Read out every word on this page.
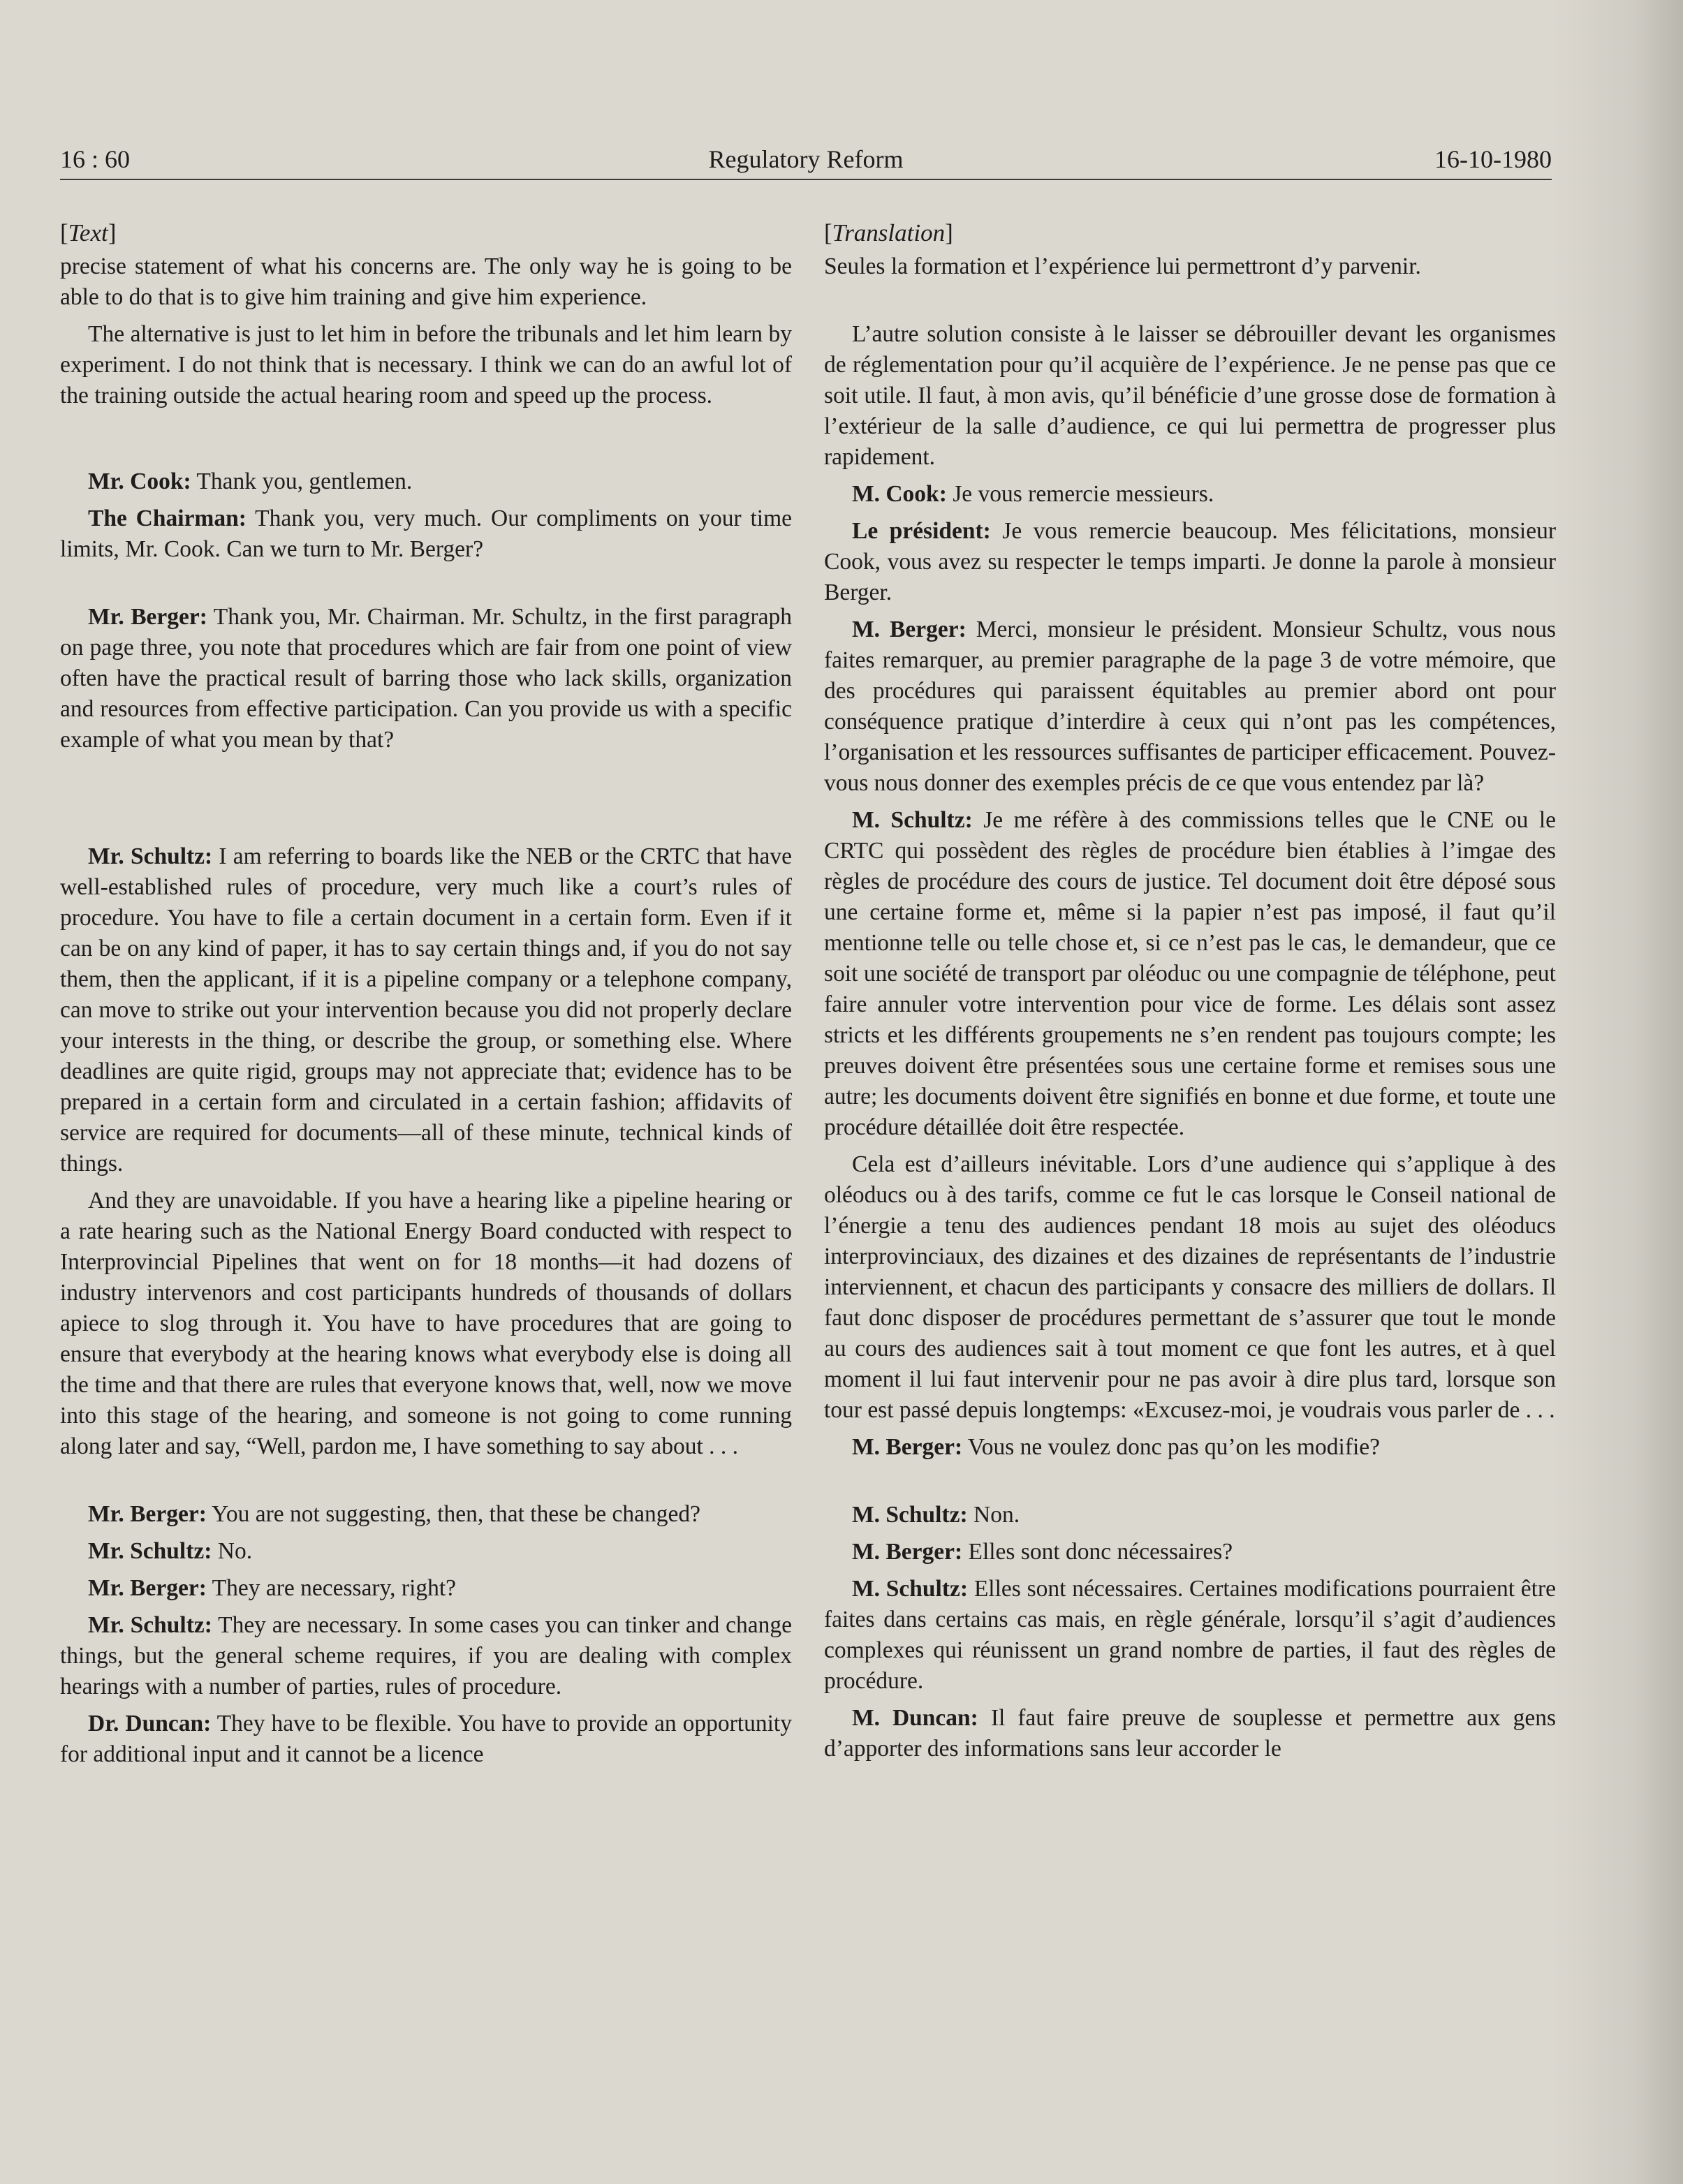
16 : 60	Regulatory Reform	16-10-1980
[Text]

precise statement of what his concerns are. The only way he is going to be able to do that is to give him training and give him experience.

The alternative is just to let him in before the tribunals and let him learn by experiment. I do not think that is necessary. I think we can do an awful lot of the training outside the actual hearing room and speed up the process.

Mr. Cook: Thank you, gentlemen.

The Chairman: Thank you, very much. Our compliments on your time limits, Mr. Cook. Can we turn to Mr. Berger?

Mr. Berger: Thank you, Mr. Chairman. Mr. Schultz, in the first paragraph on page three, you note that procedures which are fair from one point of view often have the practical result of barring those who lack skills, organization and resources from effective participation. Can you provide us with a specific example of what you mean by that?

Mr. Schultz: I am referring to boards like the NEB or the CRTC that have well-established rules of procedure, very much like a court’s rules of procedure. You have to file a certain document in a certain form. Even if it can be on any kind of paper, it has to say certain things and, if you do not say them, then the applicant, if it is a pipeline company or a telephone company, can move to strike out your intervention because you did not properly declare your interests in the thing, or describe the group, or something else. Where deadlines are quite rigid, groups may not appreciate that; evidence has to be prepared in a certain form and circulated in a certain fashion; affidavits of service are required for documents—all of these minute, technical kinds of things.

And they are unavoidable. If you have a hearing like a pipeline hearing or a rate hearing such as the National Energy Board conducted with respect to Interprovincial Pipelines that went on for 18 months—it had dozens of industry intervenors and cost participants hundreds of thousands of dollars apiece to slog through it. You have to have procedures that are going to ensure that everybody at the hearing knows what everybody else is doing all the time and that there are rules that everyone knows that, well, now we move into this stage of the hearing, and someone is not going to come running along later and say, “Well, pardon me, I have something to say about . . .

Mr. Berger: You are not suggesting, then, that these be changed?

Mr. Schultz: No.

Mr. Berger: They are necessary, right?

Mr. Schultz: They are necessary. In some cases you can tinker and change things, but the general scheme requires, if you are dealing with complex hearings with a number of parties, rules of procedure.

Dr. Duncan: They have to be flexible. You have to provide an opportunity for additional input and it cannot be a licence

[Translation]

Seules la formation et l’expérience lui permettront d’y parvenir.

L’autre solution consiste à le laisser se débrouiller devant les organismes de réglementation pour qu’il acquière de l’expérience. Je ne pense pas que ce soit utile. Il faut, à mon avis, qu’il bénéficie d’une grosse dose de formation à l’extérieur de la salle d’audience, ce qui lui permettra de progresser plus rapidement.

M. Cook: Je vous remercie messieurs.

Le président: Je vous remercie beaucoup. Mes félicitations, monsieur Cook, vous avez su respecter le temps imparti. Je donne la parole à monsieur Berger.

M. Berger: Merci, monsieur le président. Monsieur Schultz, vous nous faites remarquer, au premier paragraphe de la page 3 de votre mémoire, que des procédures qui paraissent équitables au premier abord ont pour conséquence pratique d’interdire à ceux qui n’ont pas les compétences, l’organisation et les ressources suffisantes de participer efficacement. Pouvez-vous nous donner des exemples précis de ce que vous entendez par là?

M. Schultz: Je me réfère à des commissions telles que le CNE ou le CRTC qui possèdent des règles de procédure bien établies à l’imgae des règles de procédure des cours de justice. Tel document doit être déposé sous une certaine forme et, même si la papier n’est pas imposé, il faut qu’il mentionne telle ou telle chose et, si ce n’est pas le cas, le demandeur, que ce soit une société de transport par oléoduc ou une compagnie de téléphone, peut faire annuler votre intervention pour vice de forme. Les délais sont assez stricts et les différents groupements ne s’en rendent pas toujours compte; les preuves doivent être présentées sous une certaine forme et remises sous une autre; les documents doivent être signifiés en bonne et due forme, et toute une procédure détaillée doit être respectée.

Cela est d’ailleurs inévitable. Lors d’une audience qui s’applique à des oléoducs ou à des tarifs, comme ce fut le cas lorsque le Conseil national de l’énergie a tenu des audiences pendant 18 mois au sujet des oléoducs interprovinciaux, des dizaines et des dizaines de représentants de l’industrie interviennent, et chacun des participants y consacre des milliers de dollars. Il faut donc disposer de procédures permettant de s’assurer que tout le monde au cours des audiences sait à tout moment ce que font les autres, et à quel moment il lui faut intervenir pour ne pas avoir à dire plus tard, lorsque son tour est passé depuis longtemps: «Excusez-moi, je voudrais vous parler de . . .

M. Berger: Vous ne voulez donc pas qu’on les modifie?

M. Schultz: Non.

M. Berger: Elles sont donc nécessaires?

M. Schultz: Elles sont nécessaires. Certaines modifications pourraient être faites dans certains cas mais, en règle générale, lorsqu’il s’agit d’audiences complexes qui réunissent un grand nombre de parties, il faut des règles de procédure.

M. Duncan: Il faut faire preuve de souplesse et permettre aux gens d’apporter des informations sans leur accorder le
